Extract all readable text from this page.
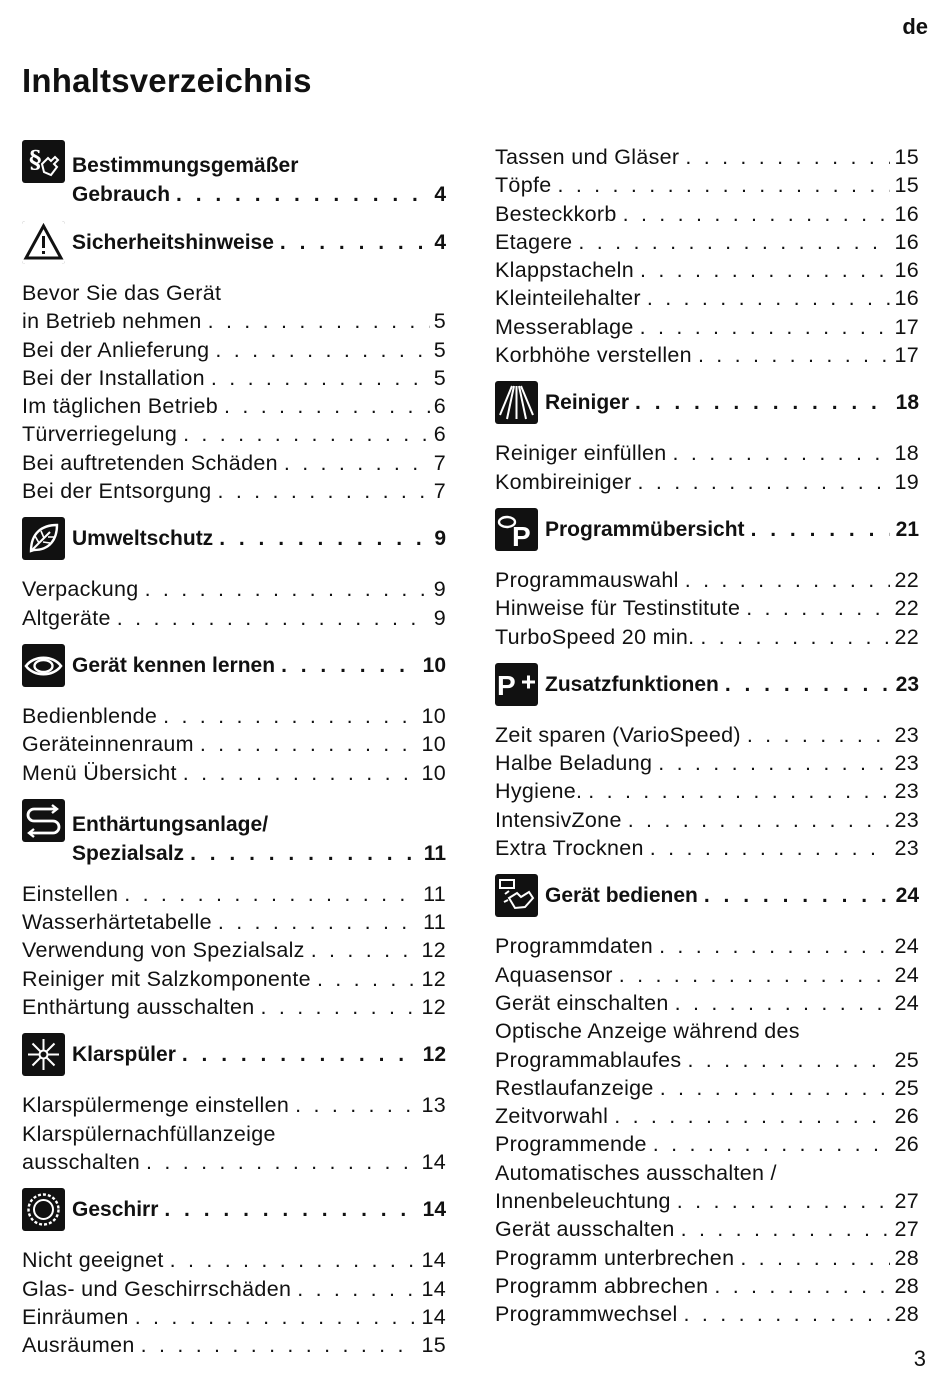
de
Inhaltsverzeichnis
§ Bestimmungsgemäßer
Gebrauch . . .	4
Sicherheitshinweise . . .	4
Bevor Sie das Gerät
in Betrieb nehmen . . .	5
Bei der Anlieferung . . .	5
Bei der Installation . . .	5
Im täglichen Betrieb . . .	6
Türverriegelung . . .	6
Bei auftretenden Schäden . . .	7
Bei der Entsorgung . . .	7
Umweltschutz . . .	9
Verpackung . . .	9
Altgeräte . . .	9
Gerät kennen lernen . . .	10
Bedienblende . . .	10
Geräteinnenraum . . .	10
Menü Übersicht . . .	10
Enthärtungsanlage/
Spezialsalz . . .	11
Einstellen . . .	11
Wasserhärtetabelle . . .	11
Verwendung von Spezialsalz . . .	12
Reiniger mit Salzkomponente . . .	12
Enthärtung ausschalten . . .	12
Klarspüler . . .	12
Klarspülermenge einstellen . . .	13
Klarspülernachfüllanzeige
ausschalten . . .	14
Geschirr . . .	14
Nicht geeignet . . .	14
Glas- und Geschirrschäden . . .	14
Einräumen . . .	14
Ausräumen . . .	15
Tassen und Gläser . . .	15
Töpfe . . .	15
Besteckkorb . . .	16
Etagere . . .	16
Klappstacheln . . .	16
Kleinteilehalter . . .	16
Messerablage . . .	17
Korbhöhe verstellen . . .	17
Reiniger . . .	18
Reiniger einfüllen . . .	18
Kombireiniger . . .	19
P Programmübersicht . . .	21
Programmauswahl . . .	22
Hinweise für Testinstitute . . .	22
TurboSpeed 20 min. . . .	22
P Zusatzfunktionen . . .	23
Zeit sparen (VarioSpeed) . . .	23
Halbe Beladung . . .	23
Hygiene. . . .	23
IntensivZone . . .	23
Extra Trocknen . . .	23
Gerät bedienen . . .	24
Programmdaten . . .	24
Aquasensor . . .	24
Gerät einschalten . . .	24
Optische Anzeige während des
Programmablaufes . . .	25
Restlaufanzeige . . .	25
Zeitvorwahl . . .	26
Programmende . . .	26
Automatisches ausschalten /
Innenbeleuchtung . . .	27
Gerät ausschalten . . .	27
Programm unterbrechen . . .	28
Programm abbrechen . . .	28
Programmwechsel . . .	28
3
